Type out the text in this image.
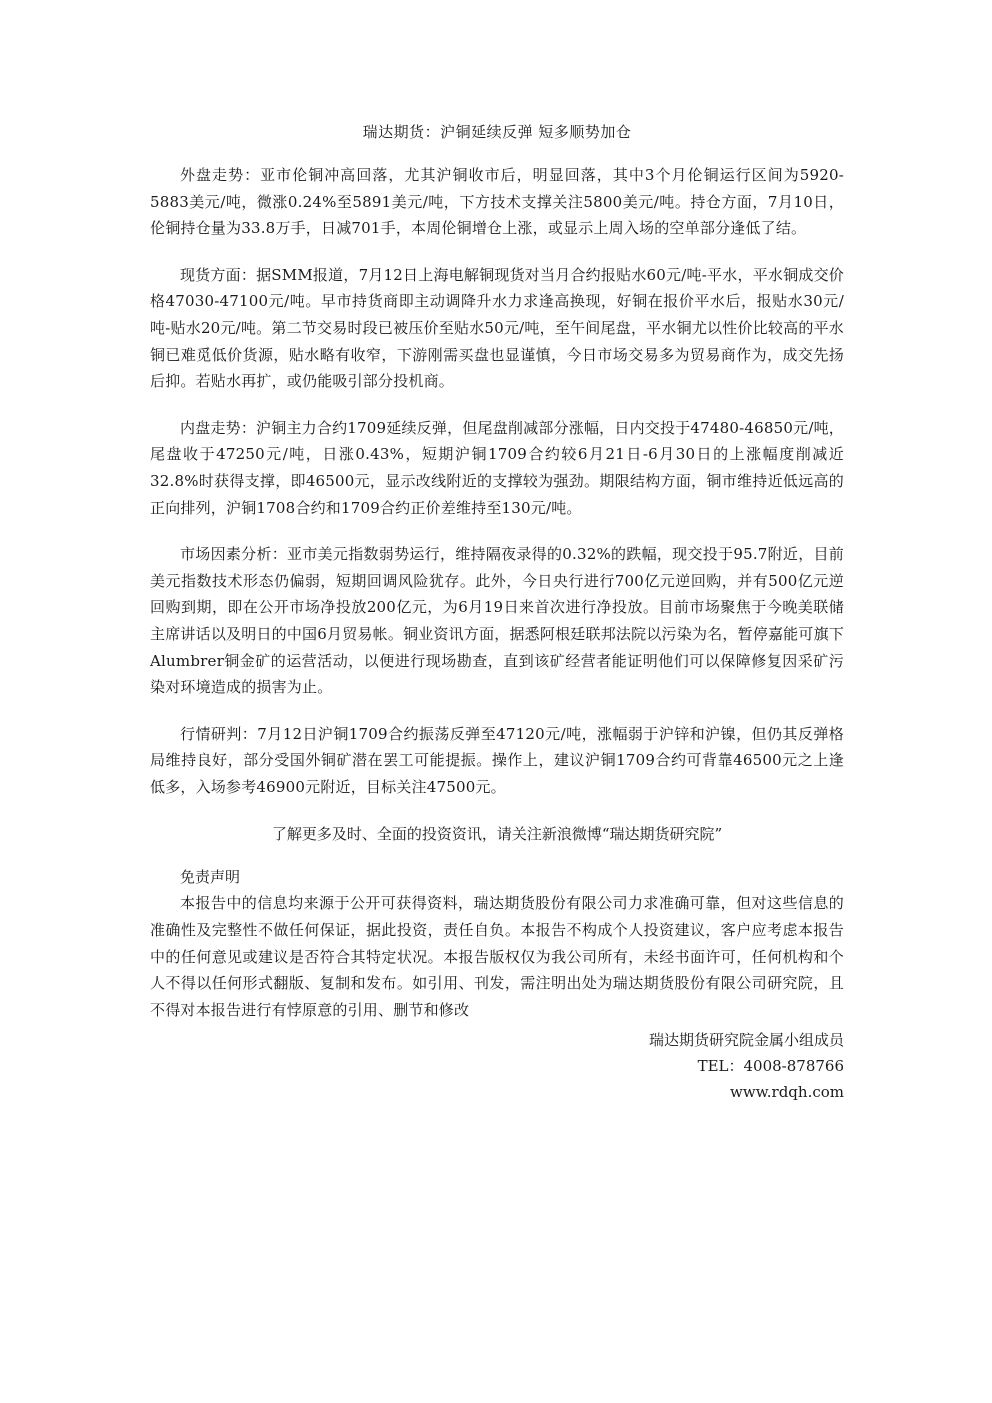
瑞达期货：沪铜延续反弹 短多顺势加仓

外盘走势：亚市伦铜冲高回落，尤其沪铜收市后，明显回落，其中3个月伦铜运行区间为5920-5883美元/吨，微涨0.24%至5891美元/吨，下方技术支撑关注5800美元/吨。持仓方面，7月10日，伦铜持仓量为33.8万手，日减701手，本周伦铜增仓上涨，或显示上周入场的空单部分逢低了结。

现货方面：据SMM报道，7月12日上海电解铜现货对当月合约报贴水60元/吨-平水，平水铜成交价格47030-47100元/吨。早市持货商即主动调降升水力求逢高换现，好铜在报价平水后，报贴水30元/吨-贴水20元/吨。第二节交易时段已被压价至贴水50元/吨，至午间尾盘，平水铜尤以性价比较高的平水铜已难觅低价货源，贴水略有收窄，下游刚需买盘也显谨慎，今日市场交易多为贸易商作为，成交先扬后抑。若贴水再扩，或仍能吸引部分投机商。

内盘走势：沪铜主力合约1709延续反弹，但尾盘削减部分涨幅，日内交投于47480-46850元/吨，尾盘收于47250元/吨，日涨0.43%，短期沪铜1709合约较6月21日-6月30日的上涨幅度削减近32.8%时获得支撑，即46500元，显示改线附近的支撑较为强劲。期限结构方面，铜市维持近低远高的正向排列，沪铜1708合约和1709合约正价差维持至130元/吨。

市场因素分析：亚市美元指数弱势运行，维持隔夜录得的0.32%的跌幅，现交投于95.7附近，目前美元指数技术形态仍偏弱，短期回调风险犹存。此外，今日央行进行700亿元逆回购，并有500亿元逆回购到期，即在公开市场净投放200亿元，为6月19日来首次进行净投放。目前市场聚焦于今晚美联储主席讲话以及明日的中国6月贸易帐。铜业资讯方面，据悉阿根廷联邦法院以污染为名，暂停嘉能可旗下Alumbrer铜金矿的运营活动，以便进行现场勘查，直到该矿经营者能证明他们可以保障修复因采矿污染对环境造成的损害为止。

行情研判：7月12日沪铜1709合约振荡反弹至47120元/吨，涨幅弱于沪锌和沪镍，但仍其反弹格局维持良好，部分受国外铜矿潜在罢工可能提振。操作上，建议沪铜1709合约可背靠46500元之上逢低多，入场参考46900元附近，目标关注47500元。

了解更多及时、全面的投资资讯，请关注新浪微博“瑞达期货研究院”

免责声明

本报告中的信息均来源于公开可获得资料，瑞达期货股份有限公司力求准确可靠，但对这些信息的准确性及完整性不做任何保证，据此投资，责任自负。本报告不构成个人投资建议，客户应考虑本报告中的任何意见或建议是否符合其特定状况。本报告版权仅为我公司所有，未经书面许可，任何机构和个人不得以任何形式翻版、复制和发布。如引用、刊发，需注明出处为瑞达期货股份有限公司研究院，且不得对本报告进行有悖原意的引用、删节和修改

瑞达期货研究院金属小组成员

TEL：4008-878766

www.rdqh.com
